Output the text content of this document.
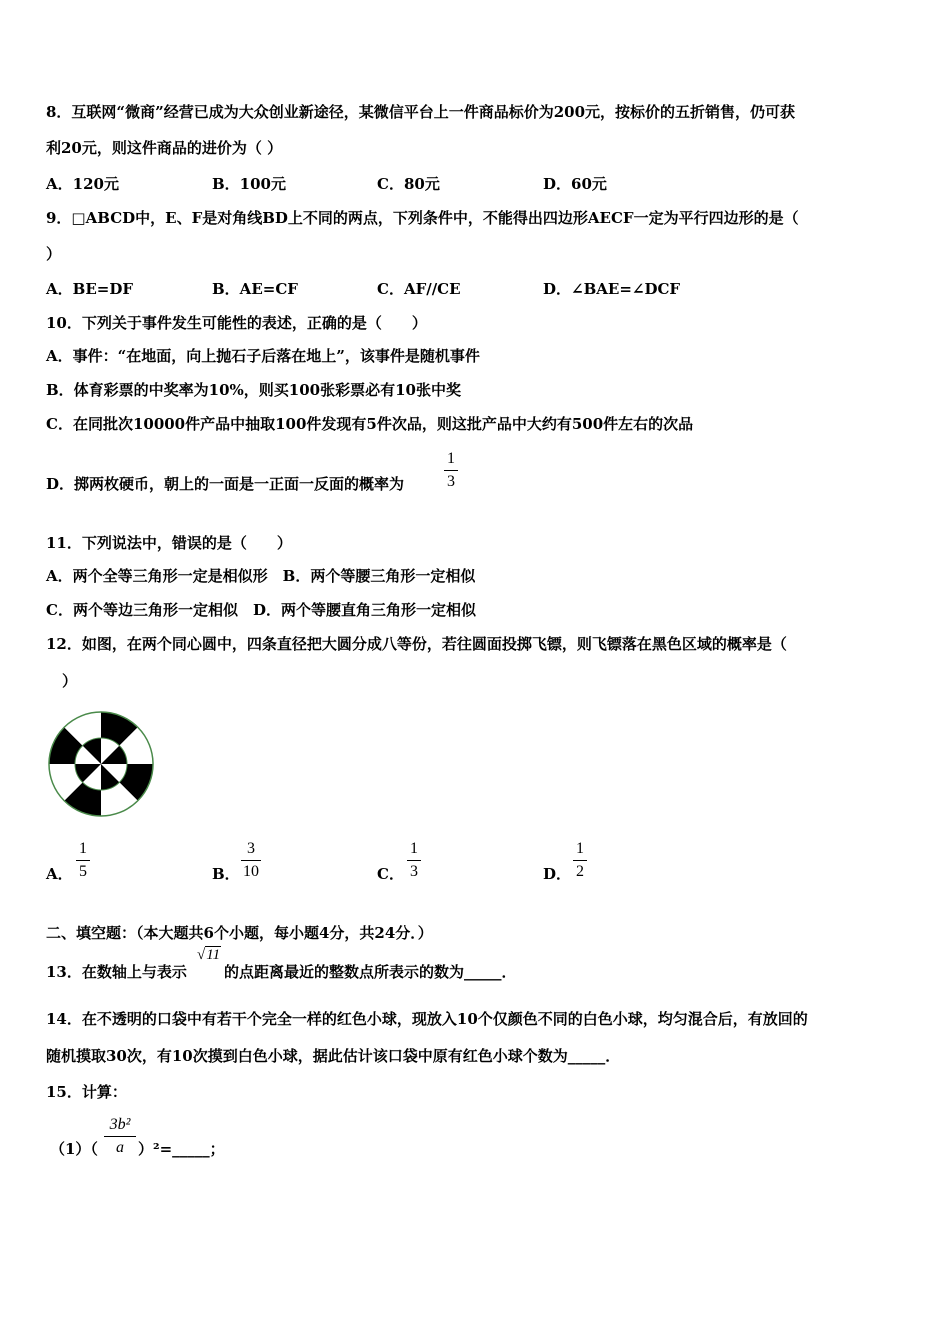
8．互联网“微商”经营已成为大众创业新途径，某微信平台上一件商品标价为200元，按标价的五折销售，仍可获
利20元，则这件商品的进价为（ ）
A．120元	B．100元	C．80元	D．60元
9．□ABCD中，E、F是对角线BD上不同的两点，下列条件中，不能得出四边形AECF一定为平行四边形的是（
）
A．BE=DF	B．AE=CF	C．AF//CE	D．∠BAE=∠DCF
10．下列关于事件发生可能性的表述，正确的是（　　）
A．事件：“在地面，向上抛石子后落在地上”，该事件是随机事件
B．体育彩票的中奖率为10%，则买100张彩票必有10张中奖
C．在同批次10000件产品中抽取100件发现有5件次品，则这批产品中大约有500件左右的次品
D．掷两枚硬币，朝上的一面是一正面一反面的概率为
1
3
11．下列说法中，错误的是（　　）
A．两个全等三角形一定是相似形　B．两个等腰三角形一定相似
C．两个等边三角形一定相似　D．两个等腰直角三角形一定相似
12．如图，在两个同心圆中，四条直径把大圆分成八等份，若往圆面投掷飞镖，则飞镖落在黑色区域的概率是（
）
A．
1
5	B．
3
10	C．
1
3	D．
1
2
二、填空题：（本大题共6个小题，每小题4分，共24分．）
13．在数轴上与表示
√11
的点距离最近的整数点所表示的数为_____．
14．在不透明的口袋中有若干个完全一样的红色小球，现放入10个仅颜色不同的白色小球，均匀混合后，有放回的
随机摸取30次，有10次摸到白色小球，据此估计该口袋中原有红色小球个数为_____．
15．计算：
（1）（
3b²
a ）²=_____；
